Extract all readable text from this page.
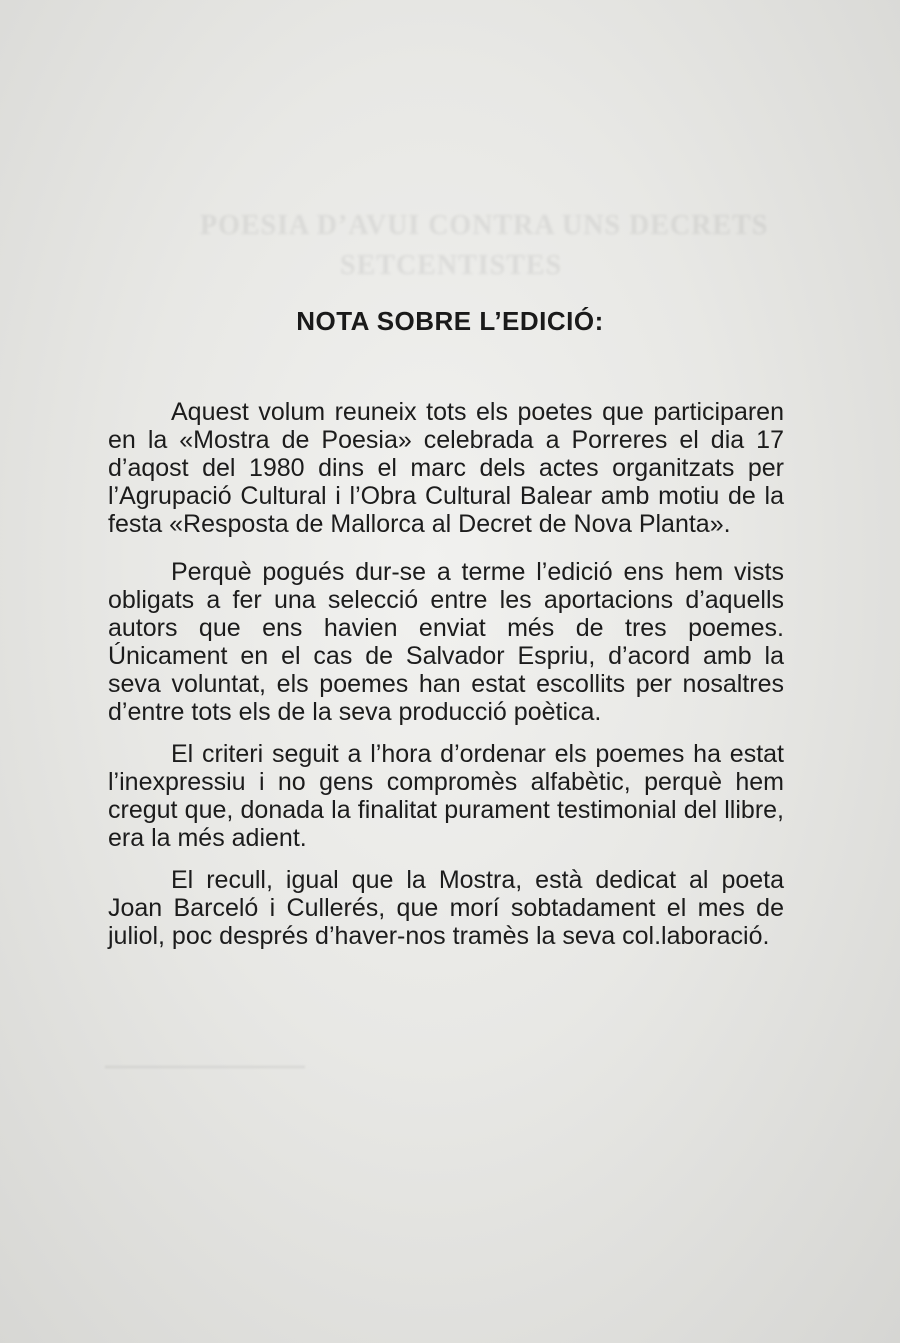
POESIA D’AVUI CONTRA UNS DECRETS
SETCENTISTES
NOTA SOBRE L’EDICIÓ:

Aquest volum reuneix tots els poetes que participaren en la «Mostra de Poesia» celebrada a Porreres el dia 17 d’aqost del 1980 dins el marc dels actes organitzats per l’Agrupació Cultural i l’Obra Cultural Balear amb motiu de la festa «Resposta de Mallorca al Decret de Nova Planta».

Perquè pogués dur-se a terme l’edició ens hem vists obligats a fer una selecció entre les aportacions d’aquells autors que ens havien enviat més de tres poemes. Únicament en el cas de Salvador Espriu, d’acord amb la seva voluntat, els poemes han estat escollits per nosaltres d’entre tots els de la seva producció poètica.

El criteri seguit a l’hora d’ordenar els poemes ha estat l’inexpressiu i no gens compromès alfabètic, perquè hem cregut que, donada la finalitat purament testimonial del llibre, era la més adient.

El recull, igual que la Mostra, està dedicat al poeta Joan Barceló i Cullerés, que morí sobtadament el mes de juliol, poc després d’haver-nos tramès la seva col.laboració.
